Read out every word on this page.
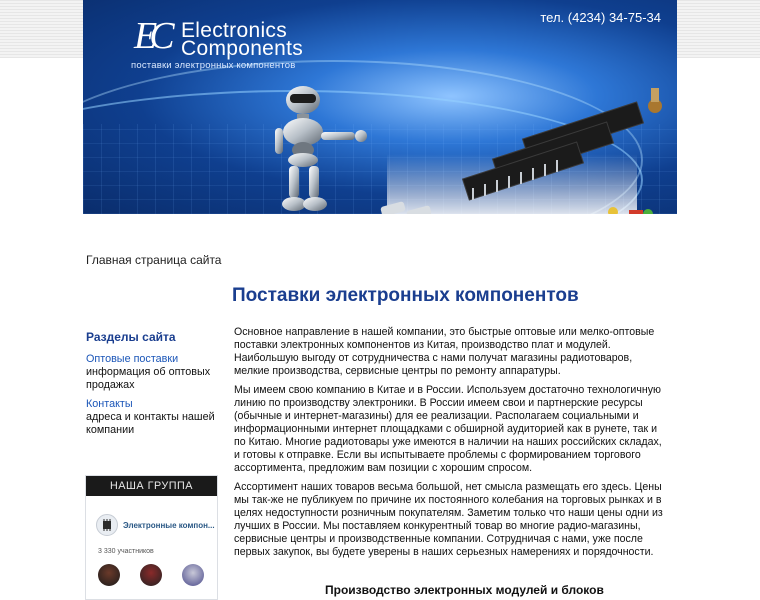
EC Electronics
Components
поставки электронных компонентов
тел. (4234) 34-75-34
Главная страница сайта
Поставки электронных компонентов
Разделы сайта
Оптовые поставки
информация об оптовых продажах
Контакты
адреса и контакты нашей компании
НАША ГРУППА
Электронные компон...
3 330 участников

Основное направление в нашей компании, это быстрые оптовые или мелко-оптовые поставки электронных компонентов из Китая, производство плат и модулей. Наибольшую выгоду от сотрудничества с нами получат магазины радиотоваров, мелкие производства, сервисные центры по ремонту аппаратуры.

Мы имеем свою компанию в Китае и в России. Используем достаточно технологичную линию по производству электроники. В России имеем свои и партнерские ресурсы (обычные и интернет-магазины) для ее реализации. Располагаем социальными и информационными интернет площадками с обширной аудиторией как в рунете, так и по Китаю. Многие радиотовары уже имеются в наличии на наших российских складах, и готовы к отправке. Если вы испытываете проблемы с формированием торгового ассортимента, предложим вам позиции с хорошим спросом.

Ассортимент наших товаров весьма большой, нет смысла размещать его здесь. Цены мы так-же не публикуем по причине их постоянного колебания на торговых рынках и в целях недоступности розничным покупателям. Заметим только что наши цены одни из лучших в России. Мы поставляем конкурентный товар во многие радио-магазины, сервисные центры и производственные компании. Сотрудничая с нами, уже после первых закупок, вы будете уверены в наших серьезных намерениях и порядочности.

Производство электронных модулей и блоков
